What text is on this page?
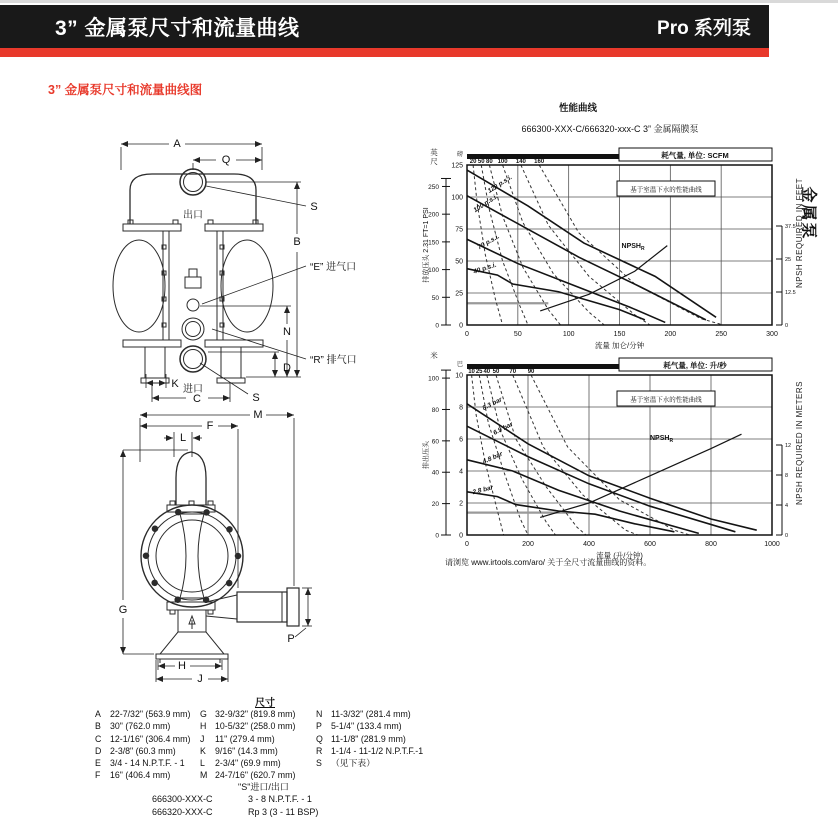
3” 金属泵尺寸和流量曲线	Pro 系列泵
3” 金属泵尺寸和流量曲线图
金属泵
A
Q
S
B
N
D
K
C	S
“E” 进气口
“R” 排气口
出口
进口
M
F
L
G
P
H
J
性能曲线
666300-XXX-C/666320-xxx-C 3” 金属隔膜泵
120 p.s.i.
100 p.s.i.
70 p.s.i.
40 p.s.i.
$NPSH_R$
20 50 80 100 140 160
耗气量, 单位: SCFM
基于室温下水的性能曲线
0	50	100	150	200	250	300
流量 加仑/分钟
0
25
50
75
100
125
磅
0
50
100
150
200
250
英
尺
排放压头 2.31 FT=1 PSI
0
12.5
25
37.5 NPSH REQUIRED IN FEET
8.3 bar
6.9 bar
4.8 bar
2.8 bar
$NPSH_R$
10 25 40 50 70 90
耗气量, 单位: 升/秒
基于室温下水的性能曲线
0	200	400	600	800	1000
流量 (升/分钟)
0
2
4
6
8
10
巴
0
20
40
60
80
100
米
排出压头
0
4
8
12 NPSH REQUIRED IN METERS
请浏览 www.irtools.com/aro/ 关于全尺寸流量曲线的资料。
尺寸
A 22-7/32" (563.9 mm)
B 30" (762.0 mm)
C 12-1/16" (306.4 mm)
D 2-3/8" (60.3 mm)
E 3/4 - 14 N.P.T.F. - 1
F 16" (406.4 mm)
G 32-9/32" (819.8 mm)
H 10-5/32" (258.0 mm)
J 11" (279.4 mm)
K 9/16" (14.3 mm)
L 2-3/4" (69.9 mm)
M 24-7/16" (620.7 mm)
N 11-3/32" (281.4 mm)
P 5-1/4" (133.4 mm)
Q 11-1/8" (281.9 mm)
R 1-1/4 - 11-1/2 N.P.T.F.-1
S （见下表）
"S"进口/出口
666300-XXX-C	3 - 8 N.P.T.F. - 1
666320-XXX-C	Rp 3 (3 - 11 BSP)
